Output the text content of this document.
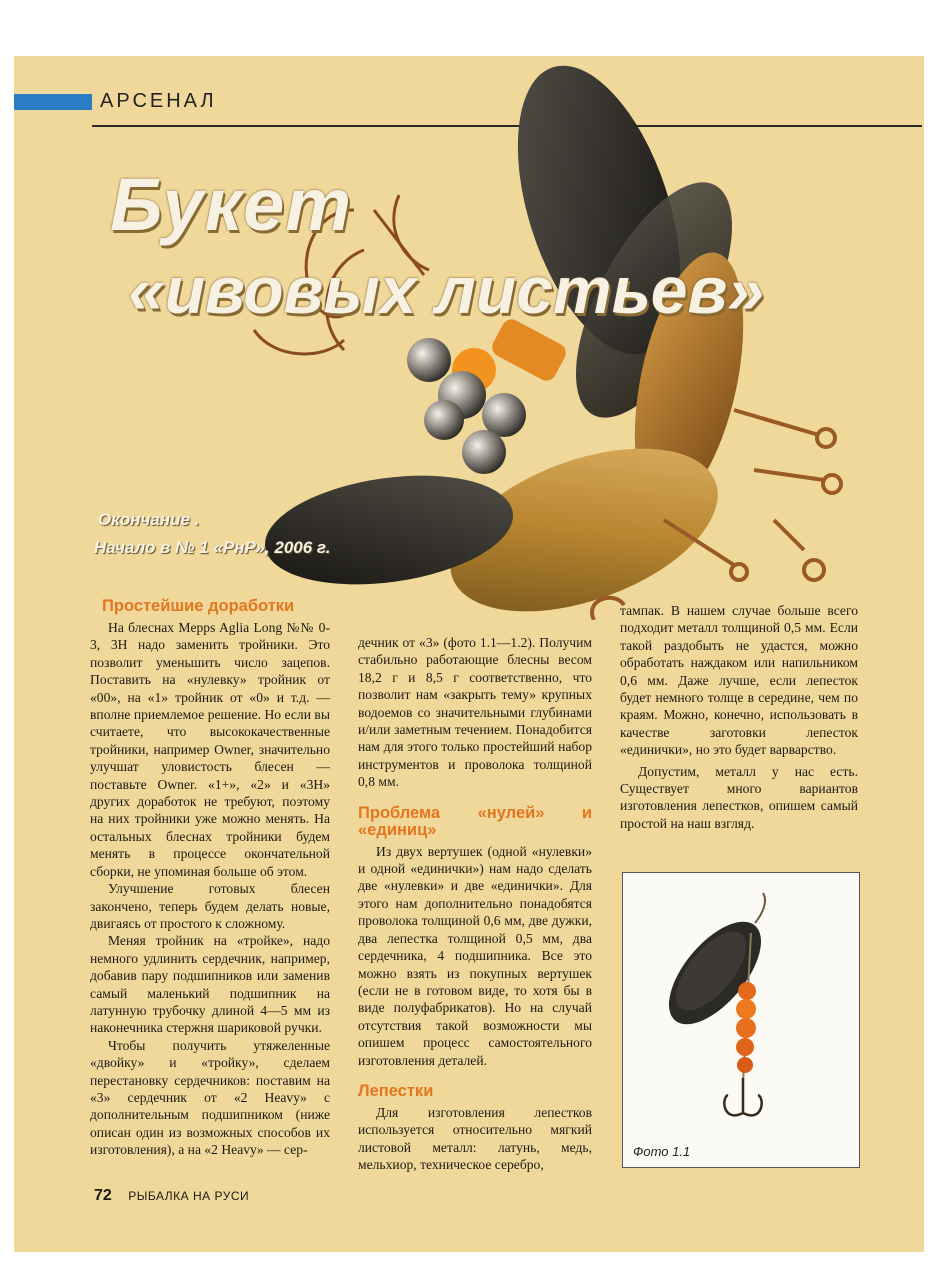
АРСЕНАЛ
Букет
«ивовых листьев»
Окончание .
Начало в № 1 «РнР», 2006 г.
Простейшие доработки

На блеснах Mepps Aglia Long №№ 0-3, 3Н надо заменить тройники. Это позволит уменьшить число зацепов. Поставить на «нулевку» тройник от «00», на «1» тройник от «0» и т.д. — вполне приемлемое решение. Но если вы считаете, что высококачественные тройники, например Owner, значительно улучшат уловистость блесен — поставьте Owner. «1+», «2» и «3Н» других доработок не требуют, поэтому на них тройники уже можно менять. На остальных блеснах тройники будем менять в процессе окончательной сборки, не упоминая больше об этом.

Улучшение готовых блесен закончено, теперь будем делать новые, двигаясь от простого к сложному.

Меняя тройник на «тройке», надо немного удлинить сердечник, например, добавив пару подшипников или заменив самый маленький подшипник на латунную трубочку длиной 4—5 мм из наконечника стержня шариковой ручки.

Чтобы получить утяжеленные «двойку» и «тройку», сделаем перестановку сердечников: поставим на «3» сердечник от «2 Heavy» с дополнительным подшипником (ниже описан один из возможных способов их изготовления), а на «2 Heavy» — сер-

дечник от «3» (фото 1.1—1.2). Получим стабильно работающие блесны весом 18,2 г и 8,5 г соответственно, что позволит нам «закрыть тему» крупных водоемов со значительными глубинами и/или заметным течением. Понадобится нам для этого только простейший набор инструментов и проволока толщиной 0,8 мм.

Проблема «нулей» и «единиц»

Из двух вертушек (одной «нулевки» и одной «единички») нам надо сделать две «нулевки» и две «единички». Для этого нам дополнительно понадобятся проволока толщиной 0,6 мм, две дужки, два лепестка толщиной 0,5 мм, два сердечника, 4 подшипника. Все это можно взять из покупных вертушек (если не в готовом виде, то хотя бы в виде полуфабрикатов). Но на случай отсутствия такой возможности мы опишем процесс самостоятельного изготовления деталей.

Лепестки

Для изготовления лепестков используется относительно мягкий листовой металл: латунь, медь, мельхиор, техническое серебро,

тампак. В нашем случае больше всего подходит металл толщиной 0,5 мм. Если такой раздобыть не удастся, можно обработать наждаком или напильником 0,6 мм. Даже лучше, если лепесток будет немного толще в середине, чем по краям. Можно, конечно, использовать в качестве заготовки лепесток «единички», но это будет варварство.

Допустим, металл у нас есть. Существует много вариантов изготовления лепестков, опишем самый простой на наш взгляд.

Фото 1.1
72 РЫБАЛКА НА РУСИ
